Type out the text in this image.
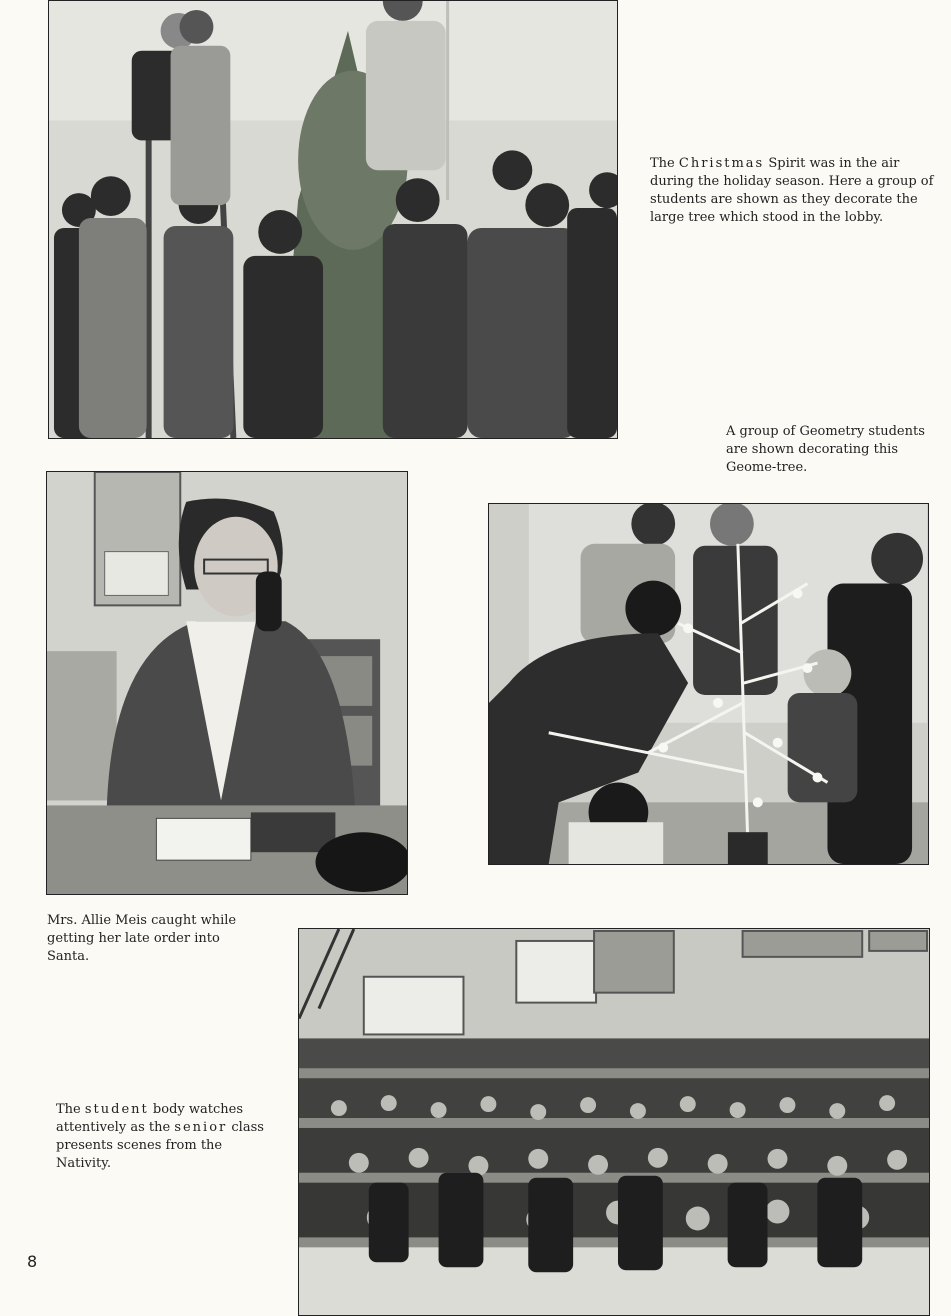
The Christmas Spirit was in the air during the holiday season. Here a group of students are shown as they decorate the large tree which stood in the lobby.

A group of Geometry students are shown decorating this Geome-tree.

Mrs. Allie Meis caught while getting her late order into Santa.

The student body watches attentively as the senior class presents scenes from the Nativity.

8
